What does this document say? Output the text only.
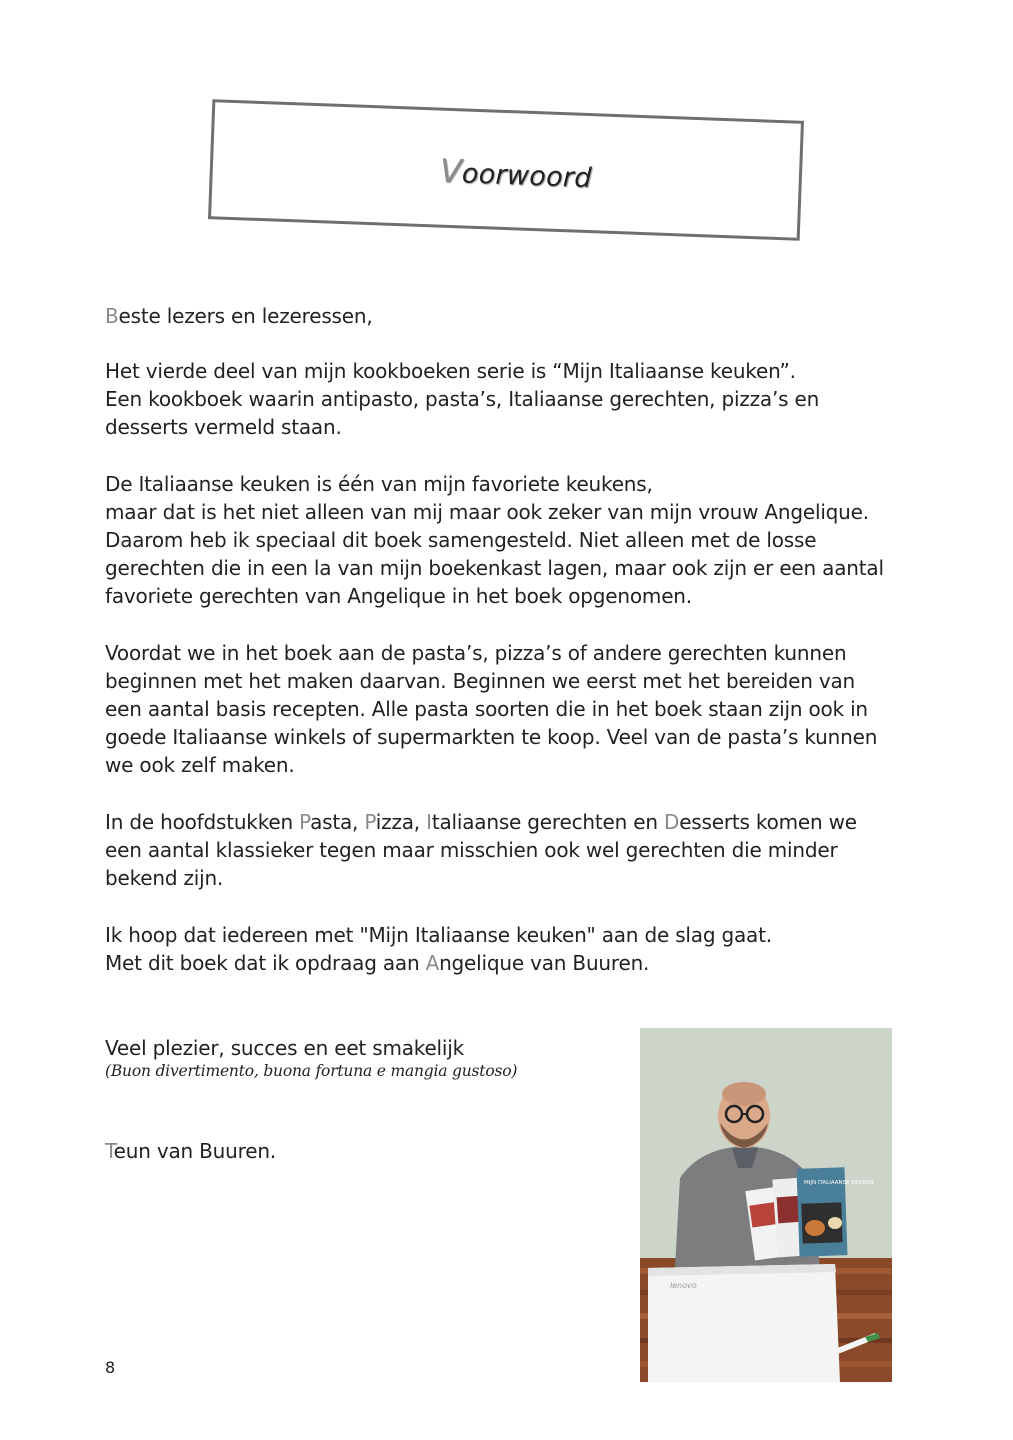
Voorwoord
Beste lezers en lezeressen,
Het vierde deel van mijn kookboeken serie is “Mijn Italiaanse keuken”.
Een kookboek waarin antipasto, pasta’s, Italiaanse gerechten, pizza’s en
desserts vermeld staan.
De Italiaanse keuken is één van mijn favoriete keukens,
maar dat is het niet alleen van mij maar ook zeker van mijn vrouw Angelique.
Daarom heb ik speciaal dit boek samengesteld. Niet alleen met de losse
gerechten die in een la van mijn boekenkast lagen, maar ook zijn er een aantal
favoriete gerechten van Angelique in het boek opgenomen.
Voordat we in het boek aan de pasta’s, pizza’s of andere gerechten kunnen
beginnen met het maken daarvan. Beginnen we eerst met het bereiden van
een aantal basis recepten. Alle pasta soorten die in het boek staan zijn ook in
goede Italiaanse winkels of supermarkten te koop. Veel van de pasta’s kunnen
we ook zelf maken.
In de hoofdstukken Pasta, Pizza, Italiaanse gerechten en Desserts komen we
een aantal klassieker tegen maar misschien ook wel gerechten die minder
bekend zijn.
Ik hoop dat iedereen met "Mijn Italiaanse keuken" aan de slag gaat.
Met dit boek dat ik opdraag aan Angelique van Buuren.
Veel plezier, succes en eet smakelijk
(Buon divertimento, buona fortuna e mangia gustoso)
Teun van Buuren.
8
MIJN ITALIAANSE KEUKEN
lenovo
